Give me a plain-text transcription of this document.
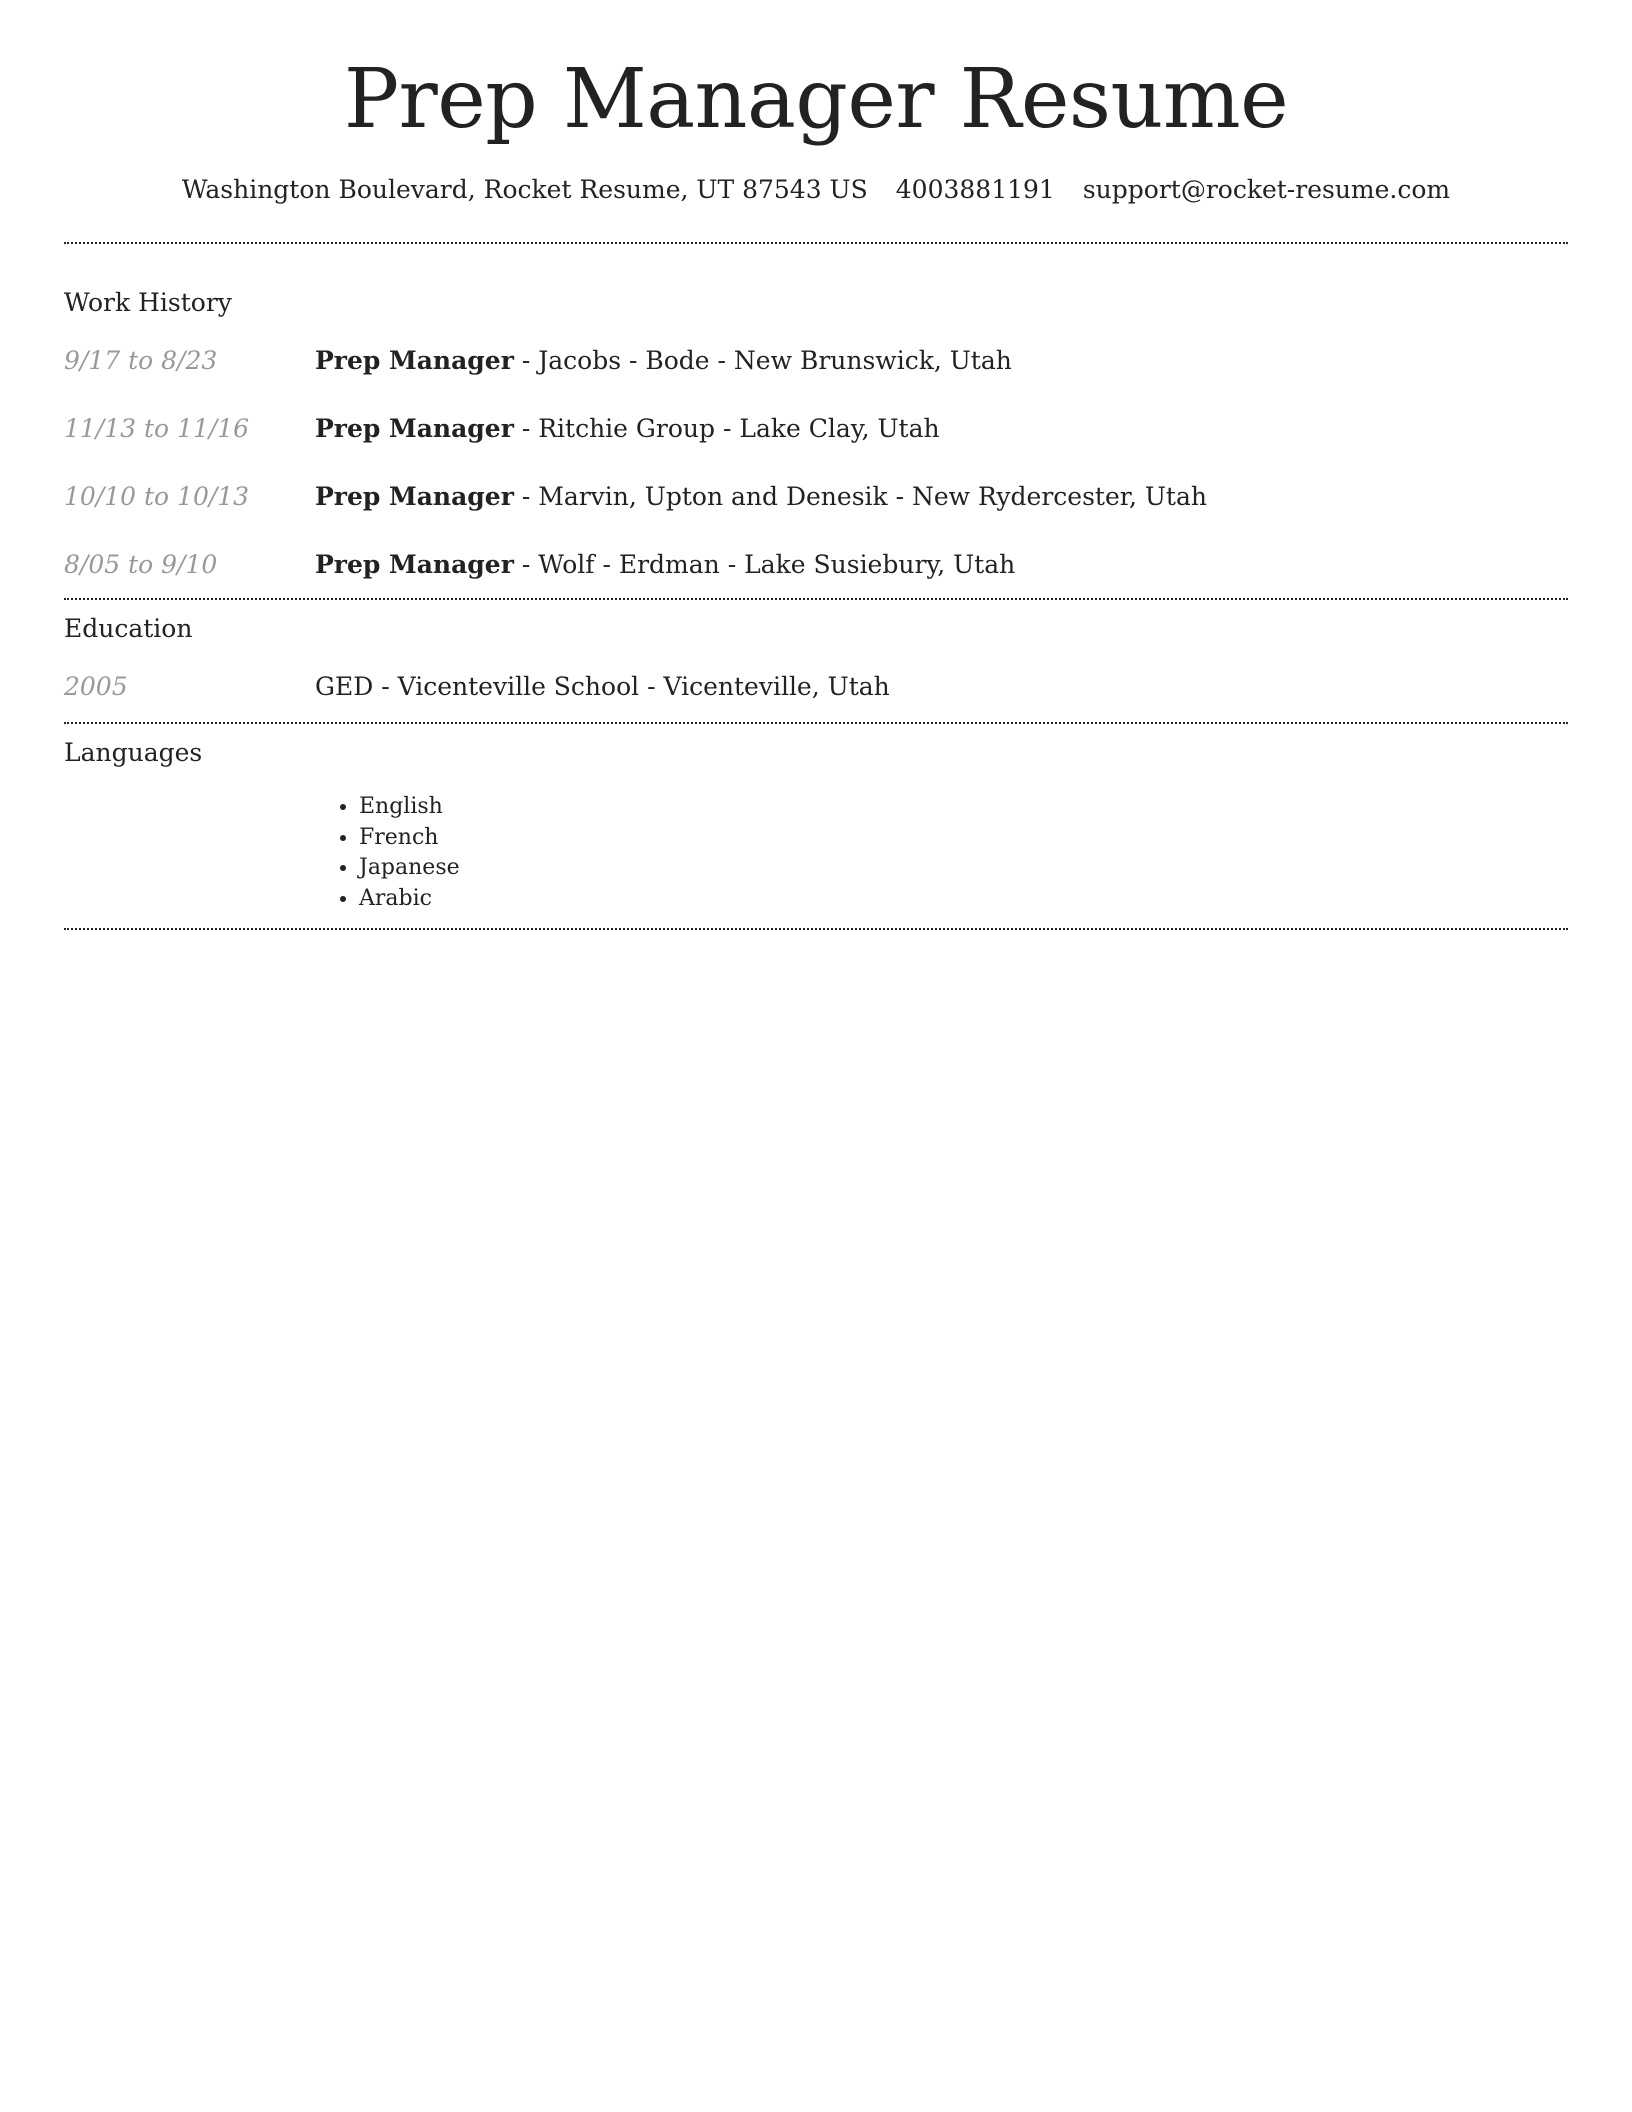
Prep Manager Resume
Washington Boulevard, Rocket Resume, UT 87543 US 4003881191 support@rocket-resume.com
Work History
9/17 to 8/23	Prep Manager - Jacobs - Bode - New Brunswick, Utah
11/13 to 11/16	Prep Manager - Ritchie Group - Lake Clay, Utah
10/10 to 10/13	Prep Manager - Marvin, Upton and Denesik - New Rydercester, Utah
8/05 to 9/10	Prep Manager - Wolf - Erdman - Lake Susiebury, Utah
Education
2005	GED - Vicenteville School - Vicenteville, Utah
Languages
• English
• French
• Japanese
• Arabic
